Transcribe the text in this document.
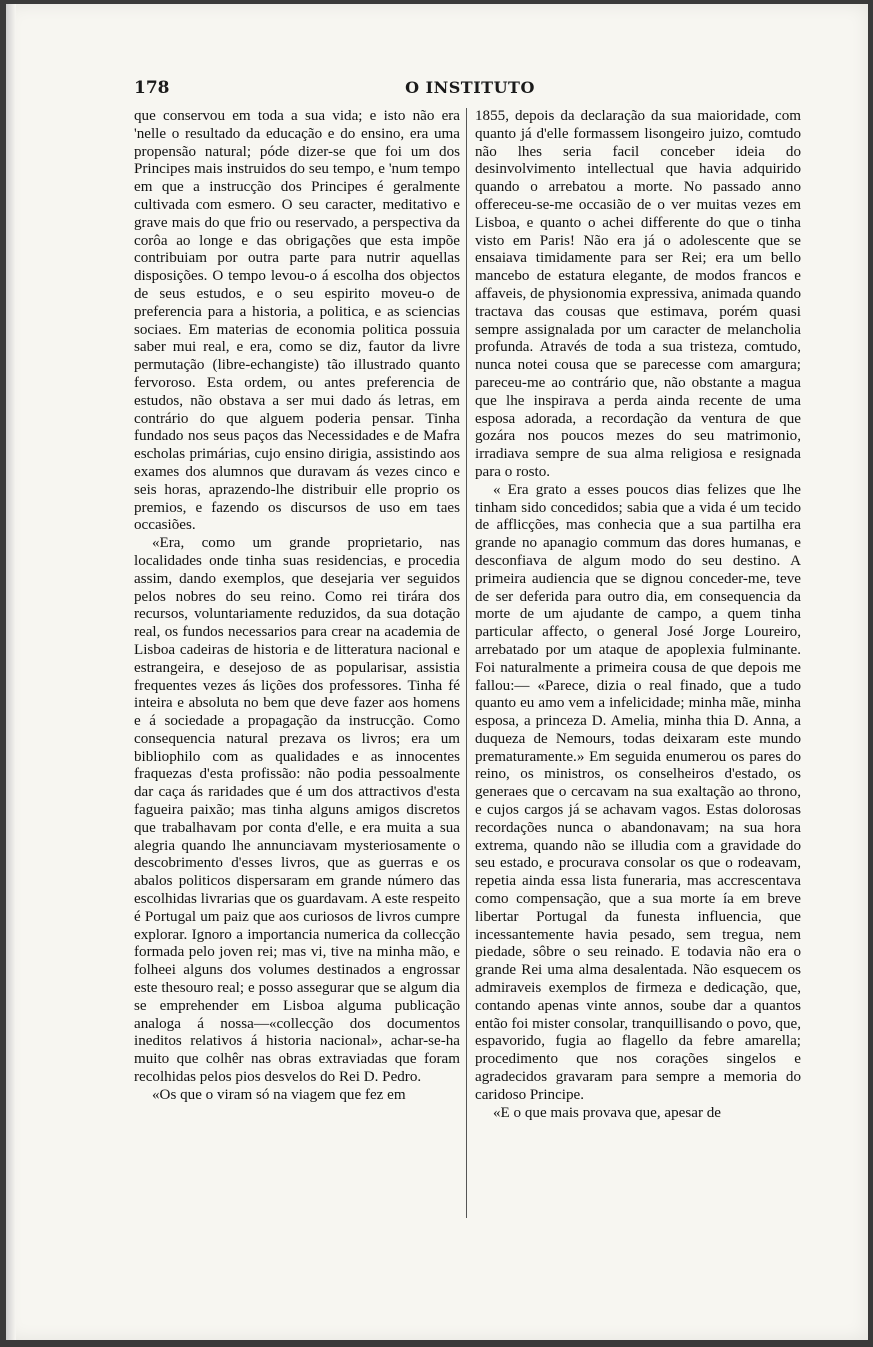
178	O INSTITUTO

que conservou em toda a sua vida; e isto não era 'nelle o resultado da educação e do ensino, era uma propensão natural; póde dizer-se que foi um dos Principes mais instruidos do seu tempo, e 'num tempo em que a instrucção dos Principes é geralmente cultivada com esmero. O seu caracter, meditativo e grave mais do que frio ou reservado, a perspectiva da corôa ao longe e das obrigações que esta impõe contribuiam por outra parte para nutrir aquellas disposições. O tempo levou-o á escolha dos objectos de seus estudos, e o seu espirito moveu-o de preferencia para a historia, a politica, e as sciencias sociaes. Em materias de economia politica possuia saber mui real, e era, como se diz, fautor da livre permutação (libre-echangiste) tão illustrado quanto fervoroso. Esta ordem, ou antes preferencia de estudos, não obstava a ser mui dado ás letras, em contrário do que alguem poderia pensar. Tinha fundado nos seus paços das Necessidades e de Mafra escholas primárias, cujo ensino dirigia, assistindo aos exames dos alumnos que duravam ás vezes cinco e seis horas, aprazendo-lhe distribuir elle proprio os premios, e fazendo os discursos de uso em taes occasiões.

«Era, como um grande proprietario, nas localidades onde tinha suas residencias, e procedia assim, dando exemplos, que desejaria ver seguidos pelos nobres do seu reino. Como rei tirára dos recursos, voluntariamente reduzidos, da sua dotação real, os fundos necessarios para crear na academia de Lisboa cadeiras de historia e de litteratura nacional e estrangeira, e desejoso de as popularisar, assistia frequentes vezes ás lições dos professores. Tinha fé inteira e absoluta no bem que deve fazer aos homens e á sociedade a propagação da instrucção. Como consequencia natural prezava os livros; era um bibliophilo com as qualidades e as innocentes fraquezas d'esta profissão: não podia pessoalmente dar caça ás raridades que é um dos attractivos d'esta fagueira paixão; mas tinha alguns amigos discretos que trabalhavam por conta d'elle, e era muita a sua alegria quando lhe annunciavam mysteriosamente o descobrimento d'esses livros, que as guerras e os abalos politicos dispersaram em grande número das escolhidas livrarias que os guardavam. A este respeito é Portugal um paiz que aos curiosos de livros cumpre explorar. Ignoro a importancia numerica da collecção formada pelo joven rei; mas vi, tive na minha mão, e folheei alguns dos volumes destinados a engrossar este thesouro real; e posso assegurar que se algum dia se emprehender em Lisboa alguma publicação analoga á nossa—«collecção dos documentos ineditos relativos á historia nacional», achar-se-ha muito que colhêr nas obras extraviadas que foram recolhidas pelos pios desvelos do Rei D. Pedro.

«Os que o viram só na viagem que fez em

1855, depois da declaração da sua maioridade, com quanto já d'elle formassem lisongeiro juizo, comtudo não lhes seria facil conceber ideia do desinvolvimento intellectual que havia adquirido quando o arrebatou a morte. No passado anno offereceu-se-me occasião de o ver muitas vezes em Lisboa, e quanto o achei differente do que o tinha visto em Paris! Não era já o adolescente que se ensaiava timidamente para ser Rei; era um bello mancebo de estatura elegante, de modos francos e affaveis, de physionomia expressiva, animada quando tractava das cousas que estimava, porém quasi sempre assignalada por um caracter de melancholia profunda. Através de toda a sua tristeza, comtudo, nunca notei cousa que se parecesse com amargura; pareceu-me ao contrário que, não obstante a magua que lhe inspirava a perda ainda recente de uma esposa adorada, a recordação da ventura de que gozára nos poucos mezes do seu matrimonio, irradiava sempre de sua alma religiosa e resignada para o rosto.

« Era grato a esses poucos dias felizes que lhe tinham sido concedidos; sabia que a vida é um tecido de afflicções, mas conhecia que a sua partilha era grande no apanagio commum das dores humanas, e desconfiava de algum modo do seu destino. A primeira audiencia que se dignou conceder-me, teve de ser deferida para outro dia, em consequencia da morte de um ajudante de campo, a quem tinha particular affecto, o general José Jorge Loureiro, arrebatado por um ataque de apoplexia fulminante. Foi naturalmente a primeira cousa de que depois me fallou:— «Parece, dizia o real finado, que a tudo quanto eu amo vem a infelicidade; minha mãe, minha esposa, a princeza D. Amelia, minha thia D. Anna, a duqueza de Nemours, todas deixaram este mundo prematuramente.» Em seguida enumerou os pares do reino, os ministros, os conselheiros d'estado, os generaes que o cercavam na sua exaltação ao throno, e cujos cargos já se achavam vagos. Estas dolorosas recordações nunca o abandonavam; na sua hora extrema, quando não se illudia com a gravidade do seu estado, e procurava consolar os que o rodeavam, repetia ainda essa lista funeraria, mas accrescentava como compensação, que a sua morte ía em breve libertar Portugal da funesta influencia, que incessantemente havia pesado, sem tregua, nem piedade, sôbre o seu reinado. E todavia não era o grande Rei uma alma desalentada. Não esquecem os admiraveis exemplos de firmeza e dedicação, que, contando apenas vinte annos, soube dar a quantos então foi mister consolar, tranquillisando o povo, que, espavorido, fugia ao flagello da febre amarella; procedimento que nos corações singelos e agradecidos gravaram para sempre a memoria do caridoso Principe.

«E o que mais provava que, apesar de
